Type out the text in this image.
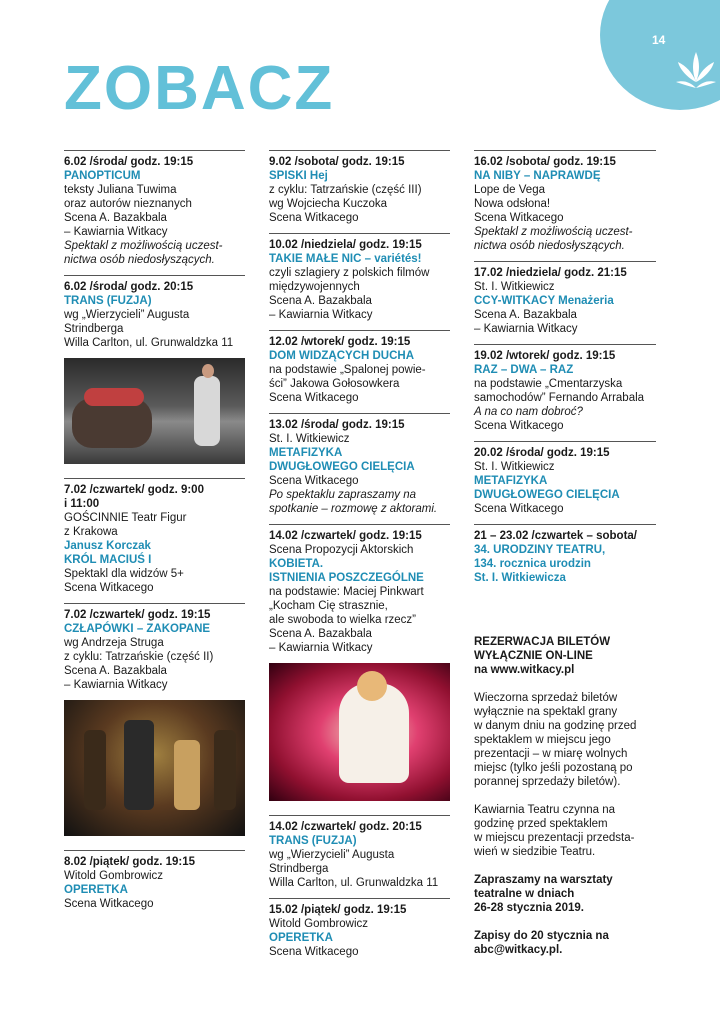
14
ZOBACZ

6.02 /środa/ godz. 19:15

PANOPTICUM

teksty Juliana Tuwima

oraz autorów nieznanych

Scena A. Bazakbala

– Kawiarnia Witkacy

Spektakl z możliwością uczest-

nictwa osób niedosłyszących.

6.02 /środa/ godz. 20:15

TRANS (FUZJA)

wg „Wierzycieli” Augusta

Strindberga

Willa Carlton, ul. Grunwaldzka 11

7.02 /czwartek/ godz. 9:00

i 11:00

GOŚCINNIE Teatr Figur

z Krakowa

Janusz Korczak

KRÓL MACIUŚ I

Spektakl dla widzów 5+

Scena Witkacego

7.02 /czwartek/ godz. 19:15

CZŁAPÓWKI – ZAKOPANE

wg Andrzeja Struga

z cyklu: Tatrzańskie (część II)

Scena A. Bazakbala

– Kawiarnia Witkacy

8.02 /piątek/ godz. 19:15

Witold Gombrowicz

OPERETKA

Scena Witkacego

9.02 /sobota/ godz. 19:15

SPISKI Hej

z cyklu: Tatrzańskie (część III)

wg Wojciecha Kuczoka

Scena Witkacego

10.02 /niedziela/ godz. 19:15

TAKIE MAŁE NIC – variétés!

czyli szlagiery z polskich filmów

międzywojennych

Scena A. Bazakbala

– Kawiarnia Witkacy

12.02 /wtorek/ godz. 19:15

DOM WIDZĄCYCH DUCHA

na podstawie „Spalonej powie-

ści” Jakowa Gołosowkera

Scena Witkacego

13.02 /środa/ godz. 19:15

St. I. Witkiewicz

METAFIZYKA

DWUGŁOWEGO CIELĘCIA

Scena Witkacego

Po spektaklu zapraszamy na

spotkanie – rozmowę z aktorami.

14.02 /czwartek/ godz. 19:15

Scena Propozycji Aktorskich

KOBIETA.

ISTNIENIA POSZCZEGÓLNE

na podstawie: Maciej Pinkwart

„Kocham Cię strasznie,

ale swoboda to wielka rzecz”

Scena A. Bazakbala

– Kawiarnia Witkacy

14.02 /czwartek/ godz. 20:15

TRANS (FUZJA)

wg „Wierzycieli” Augusta

Strindberga

Willa Carlton, ul. Grunwaldzka 11

15.02 /piątek/ godz. 19:15

Witold Gombrowicz

OPERETKA

Scena Witkacego

16.02 /sobota/ godz. 19:15

NA NIBY – NAPRAWDĘ

Lope de Vega

Nowa odsłona!

Scena Witkacego

Spektakl z możliwością uczest-

nictwa osób niedosłyszących.

17.02 /niedziela/ godz. 21:15

St. I. Witkiewicz

CCY-WITKACY Menażeria

Scena A. Bazakbala

– Kawiarnia Witkacy

19.02 /wtorek/ godz. 19:15

RAZ – DWA – RAZ

na podstawie „Cmentarzyska

samochodów” Fernando Arrabala

A na co nam dobroć?

Scena Witkacego

20.02 /środa/ godz. 19:15

St. I. Witkiewicz

METAFIZYKA

DWUGŁOWEGO CIELĘCIA

Scena Witkacego

21 – 23.02 /czwartek – sobota/

34. URODZINY TEATRU,

134. rocznica urodzin

St. I. Witkiewicza

REZERWACJA BILETÓW
WYŁĄCZNIE ON-LINE
na www.witkacy.pl

Wieczorna sprzedaż biletów
wyłącznie na spektakl grany
w danym dniu na godzinę przed
spektaklem w miejscu jego
prezentacji – w miarę wolnych
miejsc (tylko jeśli pozostaną po
porannej sprzedaży biletów).

Kawiarnia Teatru czynna na
godzinę przed spektaklem
w miejscu prezentacji przedsta-
wień w siedzibie Teatru.

Zapraszamy na warsztaty
teatralne w dniach
26-28 stycznia 2019.

Zapisy do 20 stycznia na
abc@witkacy.pl.
